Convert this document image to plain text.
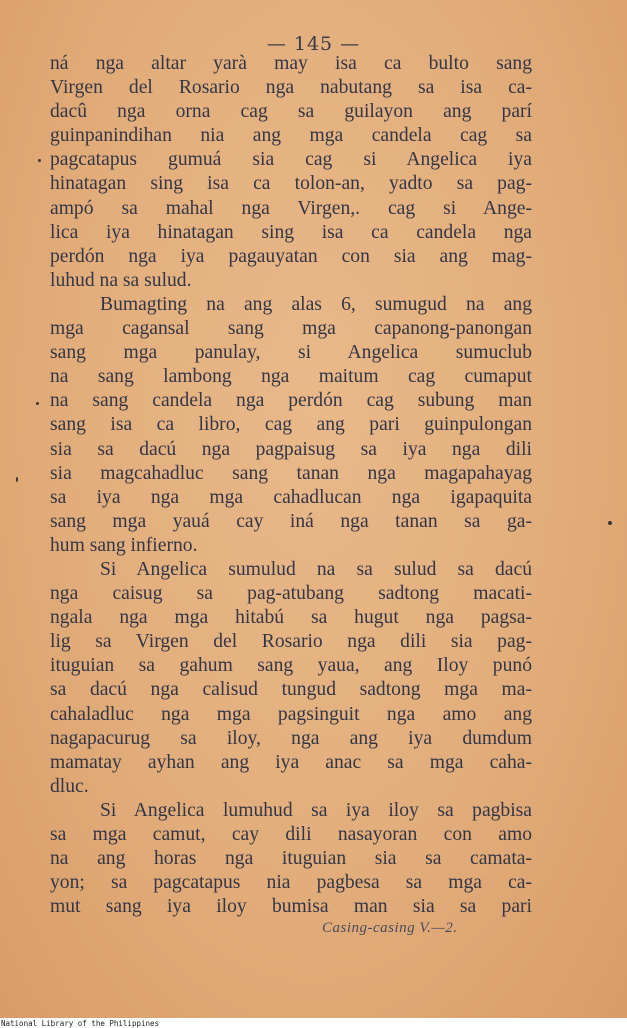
— 145 —
ná nga altar yarà may isa ca bulto sang
Virgen del Rosario nga nabutang sa isa ca-
dacû nga orna cag sa guilayon ang parí
guinpanindihan nia ang mga candela cag sa
pagcatapus gumuá sia cag si Angelica iya
hinatagan sing isa ca tolon-an, yadto sa pag-
ampó sa mahal nga Virgen,. cag si Ange-
lica iya hinatagan sing isa ca candela nga
perdón nga iya pagauyatan con sia ang mag-
luhud na sa sulud.
Bumagting na ang alas 6, sumugud na ang
mga cagansal sang mga capanong-panongan
sang mga panulay, si Angelica sumuclub
na sang lambong nga maitum cag cumaput
na sang candela nga perdón cag subung man
sang isa ca libro, cag ang pari guinpulongan
sia sa dacú nga pagpaisug sa iya nga dili
sia magcahadluc sang tanan nga magapahayag
sa iya nga mga cahadlucan nga igapaquita
sang mga yauá cay iná nga tanan sa ga-
hum sang infierno.
Si Angelica sumulud na sa sulud sa dacú
nga caisug sa pag-atubang sadtong macati-
ngala nga mga hitabú sa hugut nga pagsa-
lig sa Virgen del Rosario nga dili sia pag-
ituguian sa gahum sang yaua, ang Iloy punó
sa dacú nga calisud tungud sadtong mga ma-
cahaladluc nga mga pagsinguit nga amo ang
nagapacurug sa iloy, nga ang iya dumdum
mamatay ayhan ang iya anac sa mga caha-
dluc.
Si Angelica lumuhud sa iya iloy sa pagbisa
sa mga camut, cay dili nasayoran con amo
na ang horas nga ituguian sia sa camata-
yon; sa pagcatapus nia pagbesa sa mga ca-
mut sang iya iloy bumisa man sia sa pari
Casing-casing V.—2.
National Library of the Philippines
